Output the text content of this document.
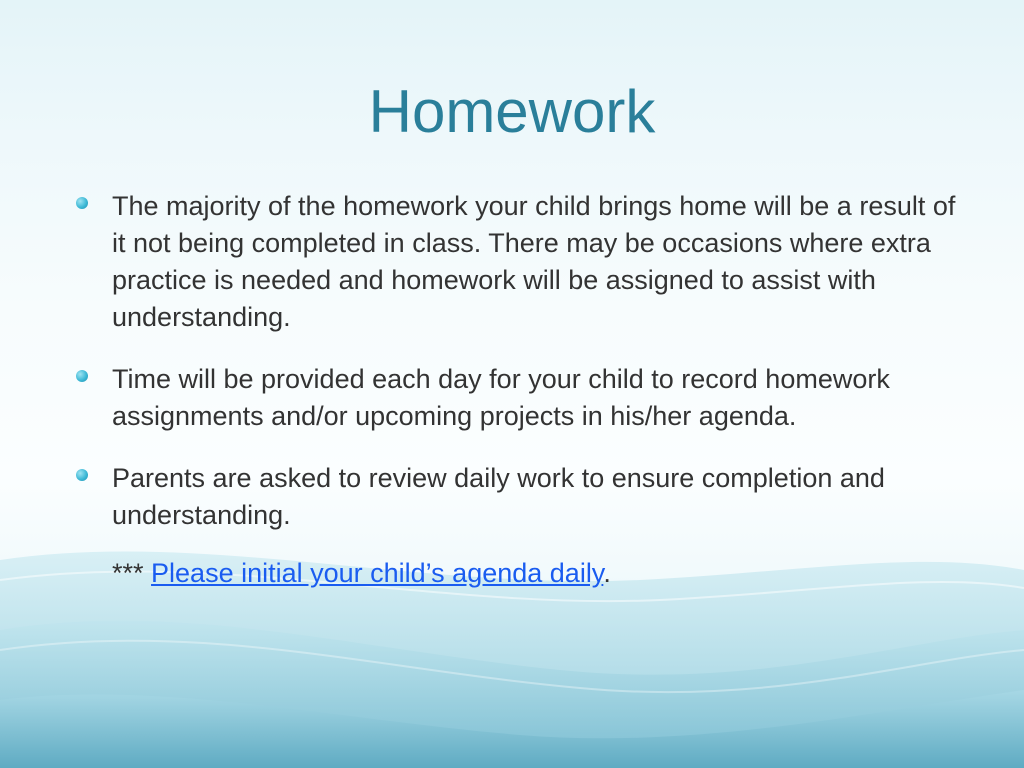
Homework
The majority of the homework your child brings home will be a result of it not being completed in class. There may be occasions where extra practice is needed and homework will be assigned to assist with understanding.
Time will be provided each day for your child to record homework assignments and/or upcoming projects in his/her agenda.
Parents are asked to review daily work to ensure completion and understanding.
*** Please initial your child’s agenda daily.
